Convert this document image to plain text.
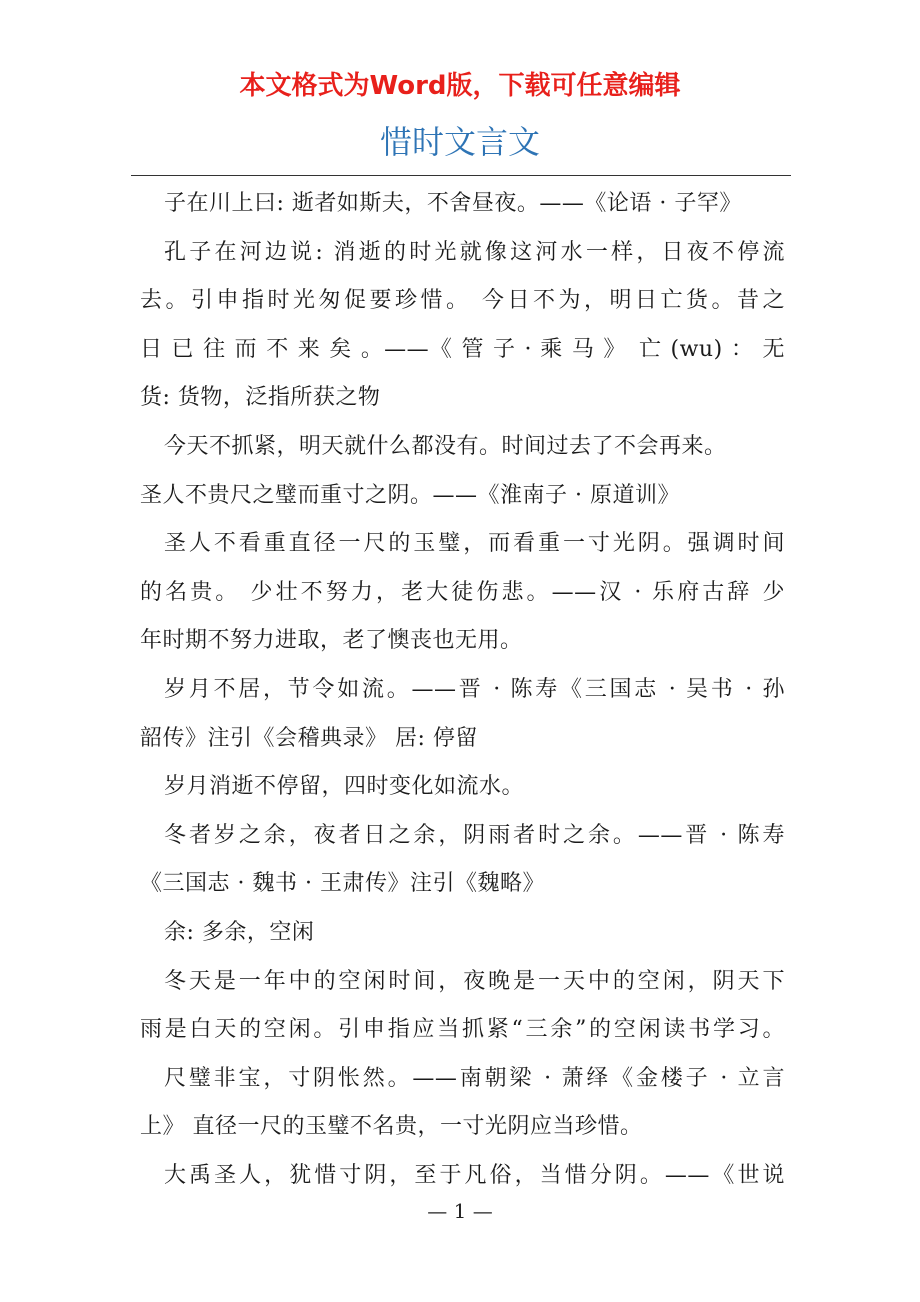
本文格式为Word版，下载可任意编辑
惜时文言文
子在川上曰: 逝者如斯夫，不舍昼夜。——《论语 · 子罕》
孔子在河边说: 消逝的时光就像这河水一样，日夜不停流
去。引申指时光匆促要珍惜。 今日不为，明日亡货。昔之
日 已 往 而 不 来 矣 。——《 管 子 · 乘 马 》　亡 (wu) ： 无
货: 货物，泛指所获之物
今天不抓紧，明天就什么都没有。时间过去了不会再来。
圣人不贵尺之璧而重寸之阴。——《淮南子 · 原道训》
圣人不看重直径一尺的玉璧，而看重一寸光阴。强调时间
的名贵。 少壮不努力，老大徒伤悲。——汉 · 乐府古辞 少
年时期不努力进取，老了懊丧也无用。
岁月不居，节令如流。——晋 · 陈寿《三国志 · 吴书 · 孙
韶传》注引《会稽典录》 居: 停留
岁月消逝不停留，四时变化如流水。
冬者岁之余，夜者日之余，阴雨者时之余。——晋 · 陈寿
《三国志 · 魏书 · 王肃传》注引《魏略》
余: 多余，空闲
冬天是一年中的空闲时间，夜晚是一天中的空闲，阴天下
雨是白天的空闲。引申指应当抓紧“三余”的空闲读书学习。
尺璧非宝，寸阴怅然。——南朝梁 · 萧绎《金楼子 · 立言
上》 直径一尺的玉璧不名贵，一寸光阴应当珍惜。
大禹圣人，犹惜寸阴，至于凡俗，当惜分阴。——《世说
— 1 —
